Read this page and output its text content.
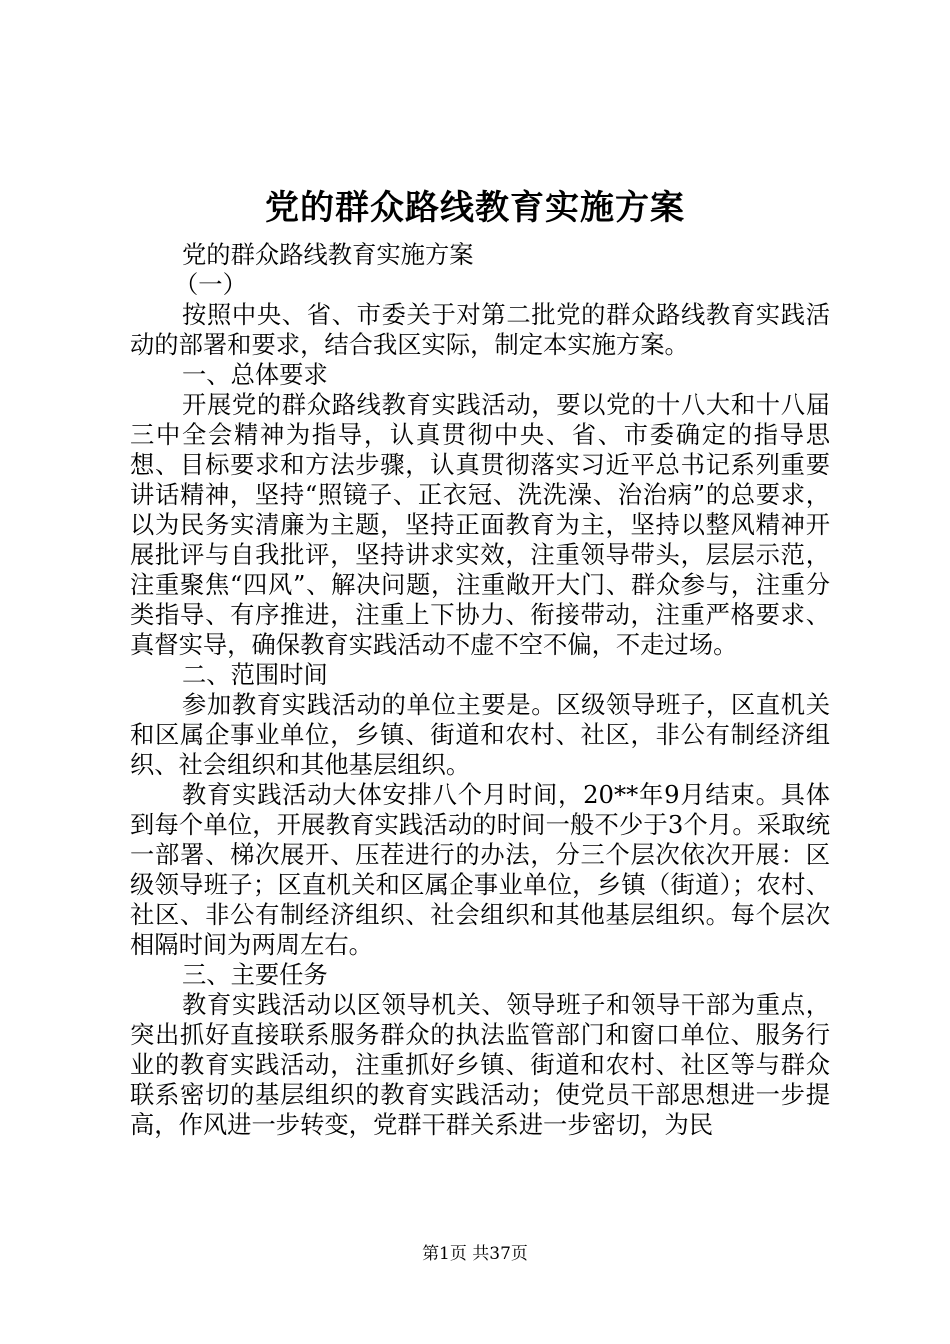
党的群众路线教育实施方案

党的群众路线教育实施方案

（一）

按照中央、省、市委关于对第二批党的群众路线教育实践活动的部署和要求，结合我区实际，制定本实施方案。

一、总体要求

开展党的群众路线教育实践活动，要以党的十八大和十八届三中全会精神为指导，认真贯彻中央、省、市委确定的指导思想、目标要求和方法步骤，认真贯彻落实习近平总书记系列重要讲话精神，坚持“照镜子、正衣冠、洗洗澡、治治病”的总要求，以为民务实清廉为主题，坚持正面教育为主，坚持以整风精神开展批评与自我批评，坚持讲求实效，注重领导带头，层层示范，注重聚焦“四风”、解决问题，注重敞开大门、群众参与，注重分类指导、有序推进，注重上下协力、衔接带动，注重严格要求、真督实导，确保教育实践活动不虚不空不偏，不走过场。

二、范围时间

参加教育实践活动的单位主要是。区级领导班子，区直机关和区属企事业单位，乡镇、街道和农村、社区，非公有制经济组织、社会组织和其他基层组织。

教育实践活动大体安排八个月时间，20**年9月结束。具体到每个单位，开展教育实践活动的时间一般不少于3个月。采取统一部署、梯次展开、压茬进行的办法，分三个层次依次开展：区级领导班子；区直机关和区属企事业单位，乡镇（街道）；农村、社区、非公有制经济组织、社会组织和其他基层组织。每个层次相隔时间为两周左右。

三、主要任务

教育实践活动以区领导机关、领导班子和领导干部为重点，突出抓好直接联系服务群众的执法监管部门和窗口单位、服务行业的教育实践活动，注重抓好乡镇、街道和农村、社区等与群众联系密切的基层组织的教育实践活动；使党员干部思想进一步提高，作风进一步转变，党群干群关系进一步密切，为民

第1页 共37页
